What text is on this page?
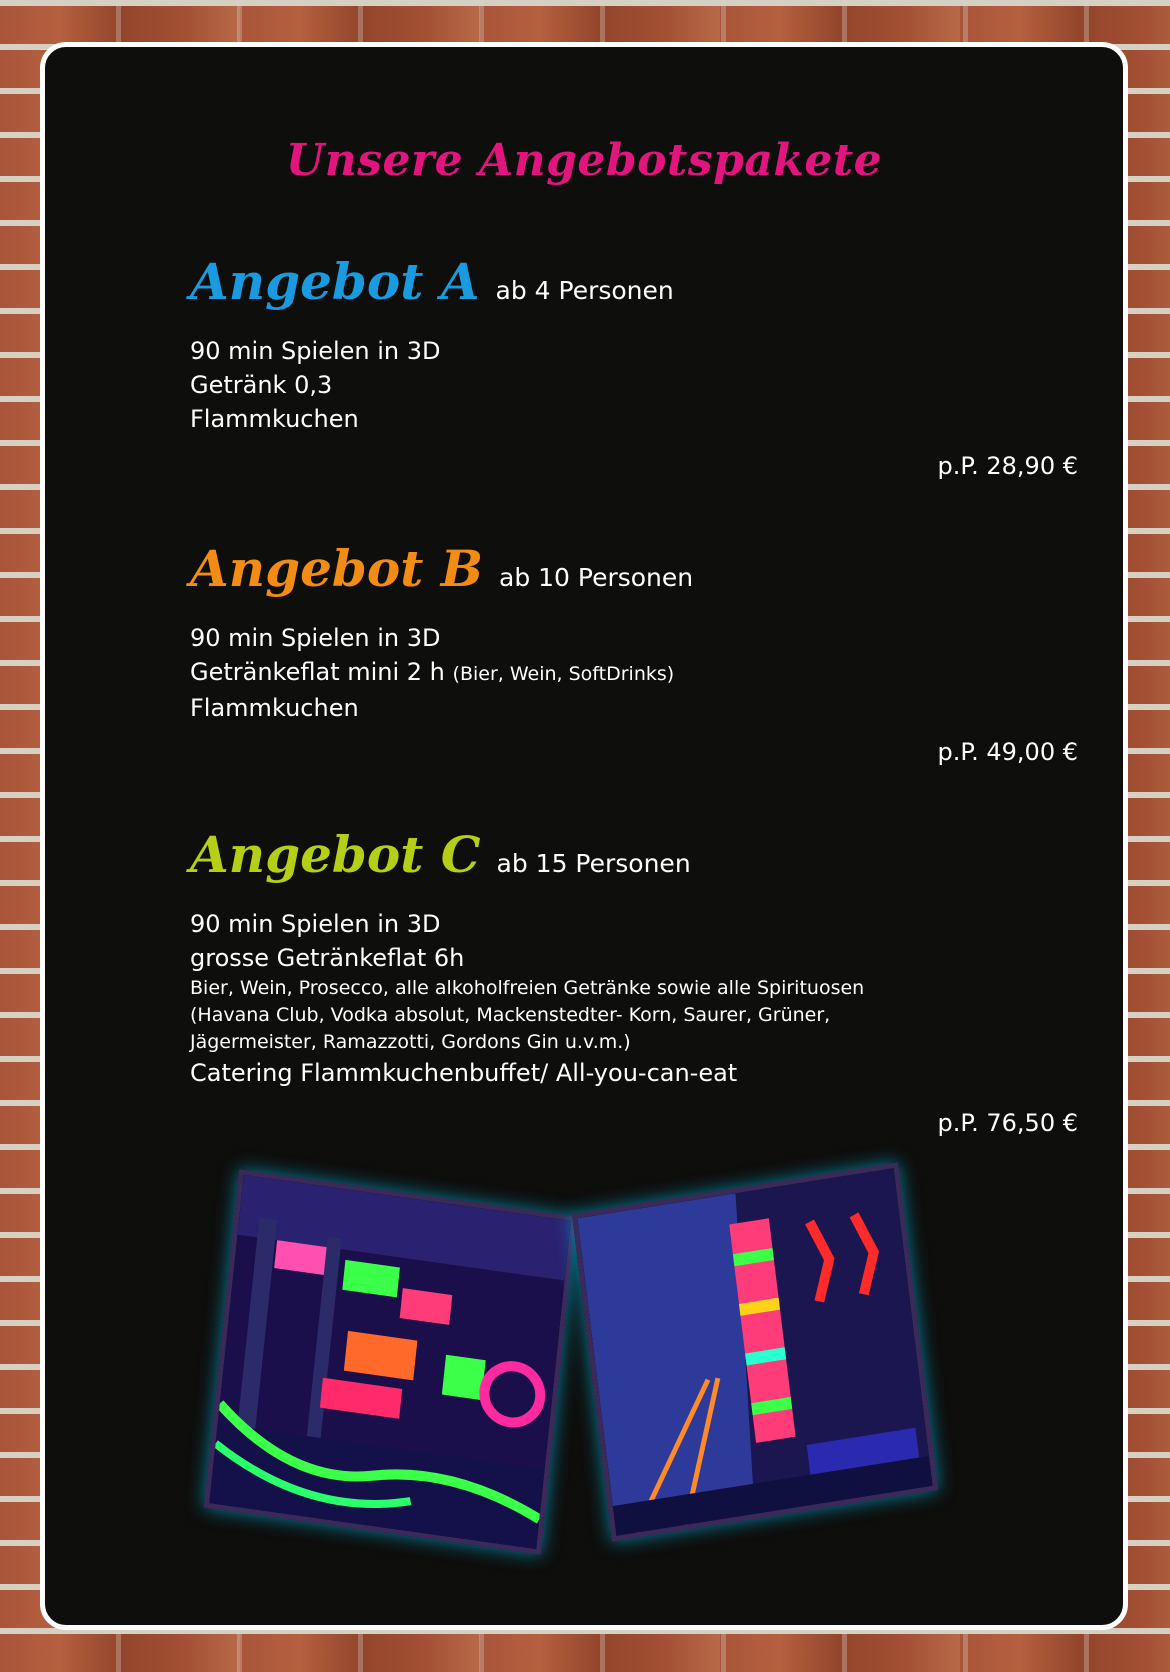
Unsere Angebotspakete
Angebot A ab 4 Personen
90 min Spielen in 3D
Getränk 0,3
Flammkuchen
p.P. 28,90 €
Angebot B ab 10 Personen
90 min Spielen in 3D
Getränkeflat mini 2 h (Bier, Wein, SoftDrinks)
Flammkuchen
p.P. 49,00 €
Angebot C ab 15 Personen
90 min Spielen in 3D
grosse Getränkeflat 6h
Bier, Wein, Prosecco, alle alkoholfreien Getränke sowie alle Spirituosen
(Havana Club, Vodka absolut, Mackenstedter- Korn, Saurer, Grüner,
Jägermeister, Ramazzotti, Gordons Gin u.v.m.)
Catering Flammkuchenbuffet/ All-you-can-eat
p.P. 76,50 €
